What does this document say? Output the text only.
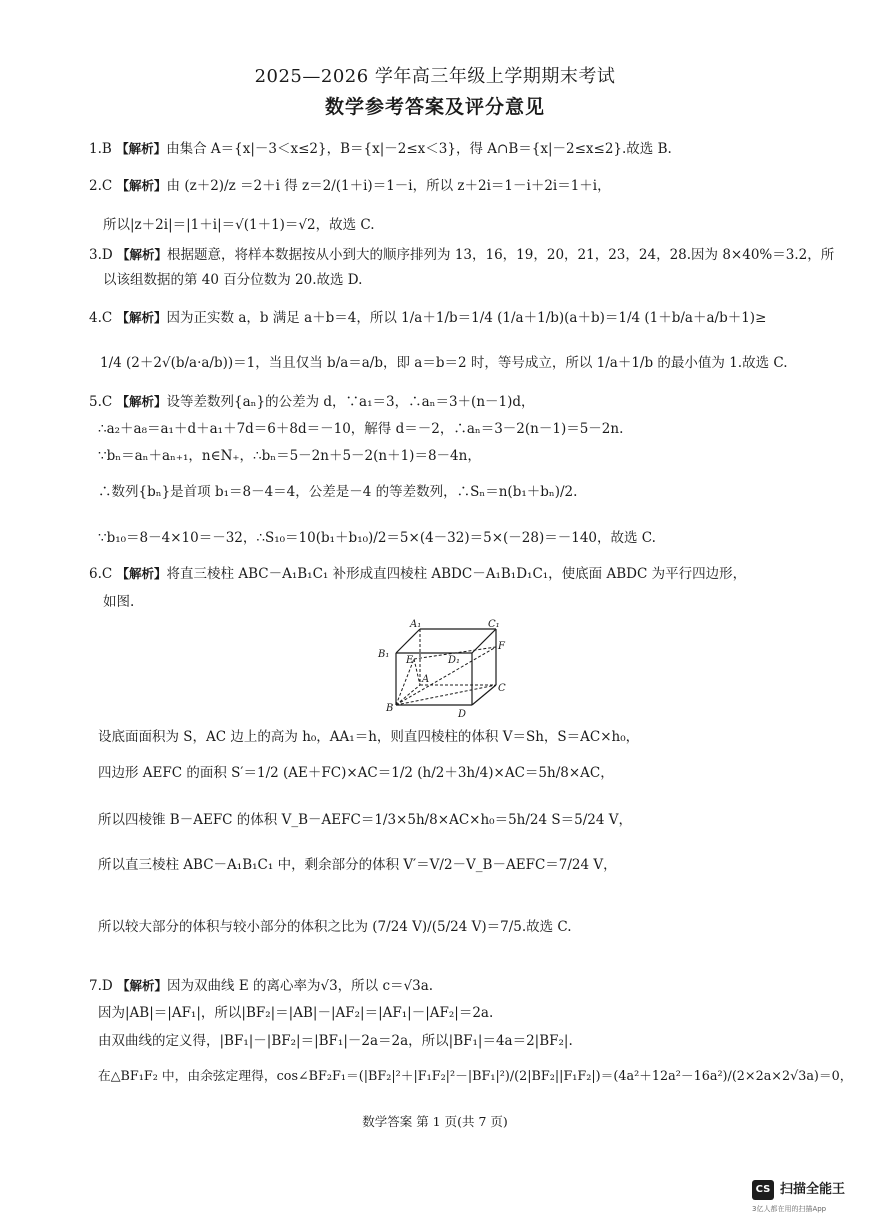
2025—2026 学年高三年级上学期期末考试
数学参考答案及评分意见
1.B 【解析】由集合 A＝{x|－3＜x≤2}，B＝{x|－2≤x＜3}，得 A∩B＝{x|－2≤x≤2}.故选 B.
2.C 【解析】由 (z＋2)/z ＝2＋i 得 z＝2/(1＋i)＝1－i，所以 z＋2i＝1－i＋2i＝1＋i，
所以|z＋2i|＝|1＋i|＝√(1＋1)＝√2，故选 C.
3.D 【解析】根据题意，将样本数据按从小到大的顺序排列为 13，16，19，20，21，23，24，28.因为 8×40%＝3.2，所
以该组数据的第 40 百分位数为 20.故选 D.
4.C 【解析】因为正实数 a，b 满足 a＋b＝4，所以 1/a＋1/b＝1/4 (1/a＋1/b)(a＋b)＝1/4 (1＋b/a＋a/b＋1)≥
1/4 (2＋2√(b/a·a/b))＝1，当且仅当 b/a＝a/b，即 a＝b＝2 时，等号成立，所以 1/a＋1/b 的最小值为 1.故选 C.
5.C 【解析】设等差数列{aₙ}的公差为 d，∵a₁＝3，∴aₙ＝3＋(n－1)d，
∴a₂＋a₈＝a₁＋d＋a₁＋7d＝6＋8d＝－10，解得 d＝－2，∴aₙ＝3－2(n－1)＝5－2n.
∵bₙ＝aₙ＋aₙ₊₁，n∈N₊，∴bₙ＝5－2n＋5－2(n＋1)＝8－4n，
∴数列{bₙ}是首项 b₁＝8－4＝4，公差是－4 的等差数列，∴Sₙ＝n(b₁＋bₙ)/2.
∵b₁₀＝8－4×10＝－32，∴S₁₀＝10(b₁＋b₁₀)/2＝5×(4－32)＝5×(－28)＝－140，故选 C.
6.C 【解析】将直三棱柱 ABC－A₁B₁C₁ 补形成直四棱柱 ABDC－A₁B₁D₁C₁，使底面 ABDC 为平行四边形，
如图.
A₁	C₁
B₁
E	D₁
F
A
C
B
D
设底面面积为 S，AC 边上的高为 h₀，AA₁＝h，则直四棱柱的体积 V＝Sh，S＝AC×h₀，
四边形 AEFC 的面积 S′＝1/2 (AE＋FC)×AC＝1/2 (h/2＋3h/4)×AC＝5h/8×AC，
所以四棱锥 B－AEFC 的体积 V_B－AEFC＝1/3×5h/8×AC×h₀＝5h/24 S＝5/24 V，
所以直三棱柱 ABC－A₁B₁C₁ 中，剩余部分的体积 V′＝V/2－V_B－AEFC＝7/24 V，
所以较大部分的体积与较小部分的体积之比为 (7/24 V)/(5/24 V)＝7/5.故选 C.
7.D 【解析】因为双曲线 E 的离心率为√3，所以 c＝√3a.
因为|AB|＝|AF₁|，所以|BF₂|＝|AB|－|AF₂|＝|AF₁|－|AF₂|＝2a.
由双曲线的定义得，|BF₁|－|BF₂|＝|BF₁|－2a＝2a，所以|BF₁|＝4a＝2|BF₂|.
在△BF₁F₂ 中，由余弦定理得，cos∠BF₂F₁＝(|BF₂|²＋|F₁F₂|²－|BF₁|²)/(2|BF₂||F₁F₂|)＝(4a²＋12a²－16a²)/(2×2a×2√3a)＝0，
数学答案 第 1 页(共 7 页)
CS 扫描全能王
3亿人都在用的扫描App
